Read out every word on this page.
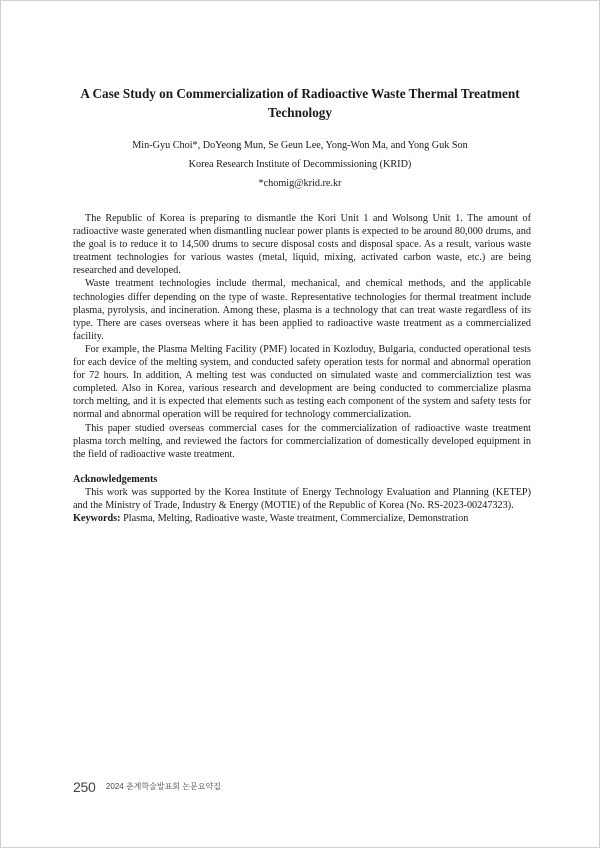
A Case Study on Commercialization of Radioactive Waste Thermal Treatment Technology

Min-Gyu Choi*, DoYeong Mun, Se Geun Lee, Yong-Won Ma, and Yong Guk Son

Korea Research Institute of Decommissioning (KRID)

*chomig@krid.re.kr

The Republic of Korea is preparing to dismantle the Kori Unit 1 and Wolsong Unit 1. The amount of radioactive waste generated when dismantling nuclear power plants is expected to be around 80,000 drums, and the goal is to reduce it to 14,500 drums to secure disposal costs and disposal space. As a result, various waste treatment technologies for various wastes (metal, liquid, mixing, activated carbon waste, etc.) are being researched and developed.

Waste treatment technologies include thermal, mechanical, and chemical methods, and the applicable technologies differ depending on the type of waste. Representative technologies for thermal treatment include plasma, pyrolysis, and incineration. Among these, plasma is a technology that can treat waste regardless of its type. There are cases overseas where it has been applied to radioactive waste treatment as a commercialized facility.

For example, the Plasma Melting Facility (PMF) located in Kozloduy, Bulgaria, conducted operational tests for each device of the melting system, and conducted safety operation tests for normal and abnormal operation for 72 hours. In addition, A melting test was conducted on simulated waste and commercializtion test was completed. Also in Korea, various research and development are being conducted to commercialize plasma torch melting, and it is expected that elements such as testing each component of the system and safety tests for normal and abnormal operation will be required for technology commercialization.

This paper studied overseas commercial cases for the commercialization of radioactive waste treatment plasma torch melting, and reviewed the factors for commercialization of domestically developed equipment in the field of radioactive waste treatment.

Acknowledgements

This work was supported by the Korea Institute of Energy Technology Evaluation and Planning (KETEP) and the Ministry of Trade, Industry & Energy (MOTIE) of the Republic of Korea (No. RS-2023-00247323).

Keywords: Plasma, Melting, Radioative waste, Waste treatment, Commercialize, Demonstration

250 2024 춘계학술발표회 논문요약집
